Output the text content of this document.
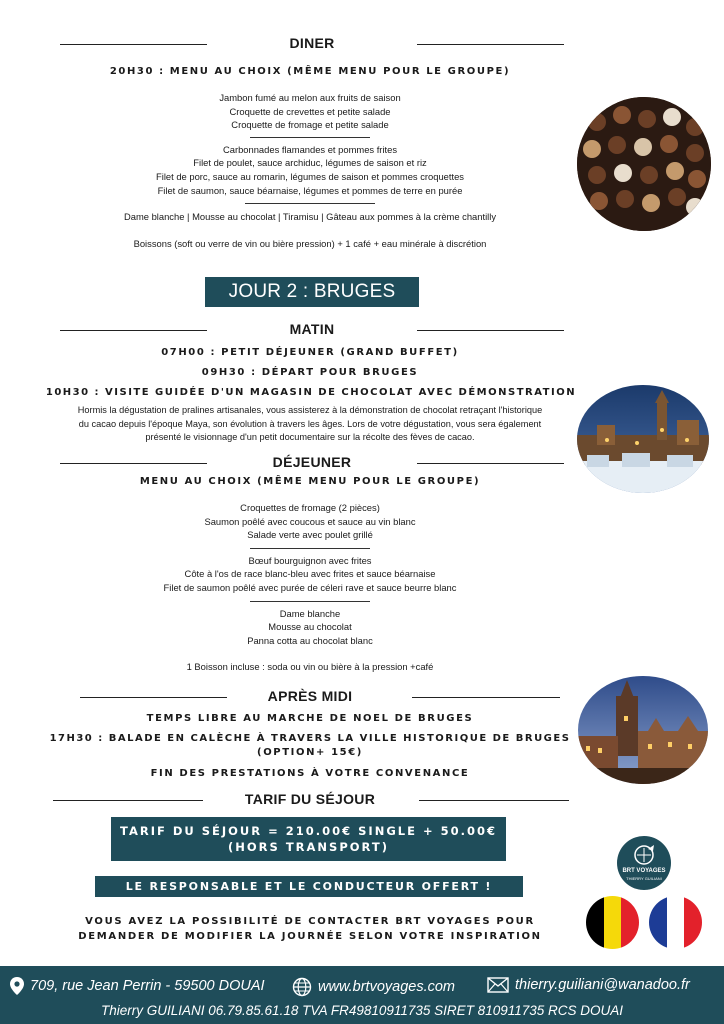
DINER
20H30 : MENU AU CHOIX (MÊME MENU POUR LE GROUPE)
Jambon fumé au melon aux fruits de saison
Croquette de crevettes et petite salade
Croquette de fromage et petite salade
Carbonnades flamandes et pommes frites
Filet de poulet, sauce archiduc, légumes de saison et riz
Filet de porc, sauce au romarin, légumes de saison et pommes croquettes
Filet de saumon, sauce béarnaise, légumes et pommes de terre en purée
Dame blanche | Mousse au chocolat | Tiramisu | Gâteau aux pommes à la crème chantilly
Boissons (soft ou verre de vin ou bière pression) + 1 café + eau minérale à discrétion
JOUR 2 : BRUGES
MATIN
07H00 : PETIT DÉJEUNER (GRAND BUFFET)
09H30 : DÉPART POUR BRUGES
10H30 : VISITE GUIDÉE D'UN MAGASIN DE CHOCOLAT AVEC DÉMONSTRATION
Hormis la dégustation de pralines artisanales, vous assisterez à la démonstration de chocolat retraçant l'historique
du cacao depuis l'époque Maya, son évolution à travers les âges. Lors de votre dégustation, vous sera également
présenté le visionnage d'un petit documentaire sur la récolte des fèves de cacao.
DÉJEUNER
MENU AU CHOIX (MÊME MENU POUR LE GROUPE)
Croquettes de fromage (2 pièces)
Saumon poêlé avec coucous et sauce au vin blanc
Salade verte avec poulet grillé
Bœuf bourguignon avec frites
Côte à l'os de race blanc-bleu avec frites et sauce béarnaise
Filet de saumon poêlé avec purée de céleri rave et sauce beurre blanc
Dame blanche
Mousse au chocolat
Panna cotta au chocolat blanc
1 Boisson incluse : soda ou vin ou bière à la pression +café
APRÈS MIDI
TEMPS LIBRE AU MARCHE DE NOEL DE BRUGES
17H30 : BALADE EN CALÈCHE À TRAVERS LA VILLE HISTORIQUE DE BRUGES
(OPTION+ 15€)
FIN DES PRESTATIONS À VOTRE CONVENANCE
TARIF DU SÉJOUR
TARIF DU SÉJOUR = 210.00€ SINGLE + 50.00€
(HORS TRANSPORT)
LE RESPONSABLE ET LE CONDUCTEUR OFFERT !
VOUS AVEZ LA POSSIBILITÉ DE CONTACTER BRT VOYAGES POUR
DEMANDER DE MODIFIER LA JOURNÉE SELON VOTRE INSPIRATION
BRT VOYAGES
THIERRY GUILIANI
709, rue Jean Perrin - 59500 DOUAI	www.brtvoyages.com	thierry.guiliani@wanadoo.fr
Thierry GUILIANI 06.79.85.61.18 TVA FR49810911735 SIRET 810911735 RCS DOUAI
